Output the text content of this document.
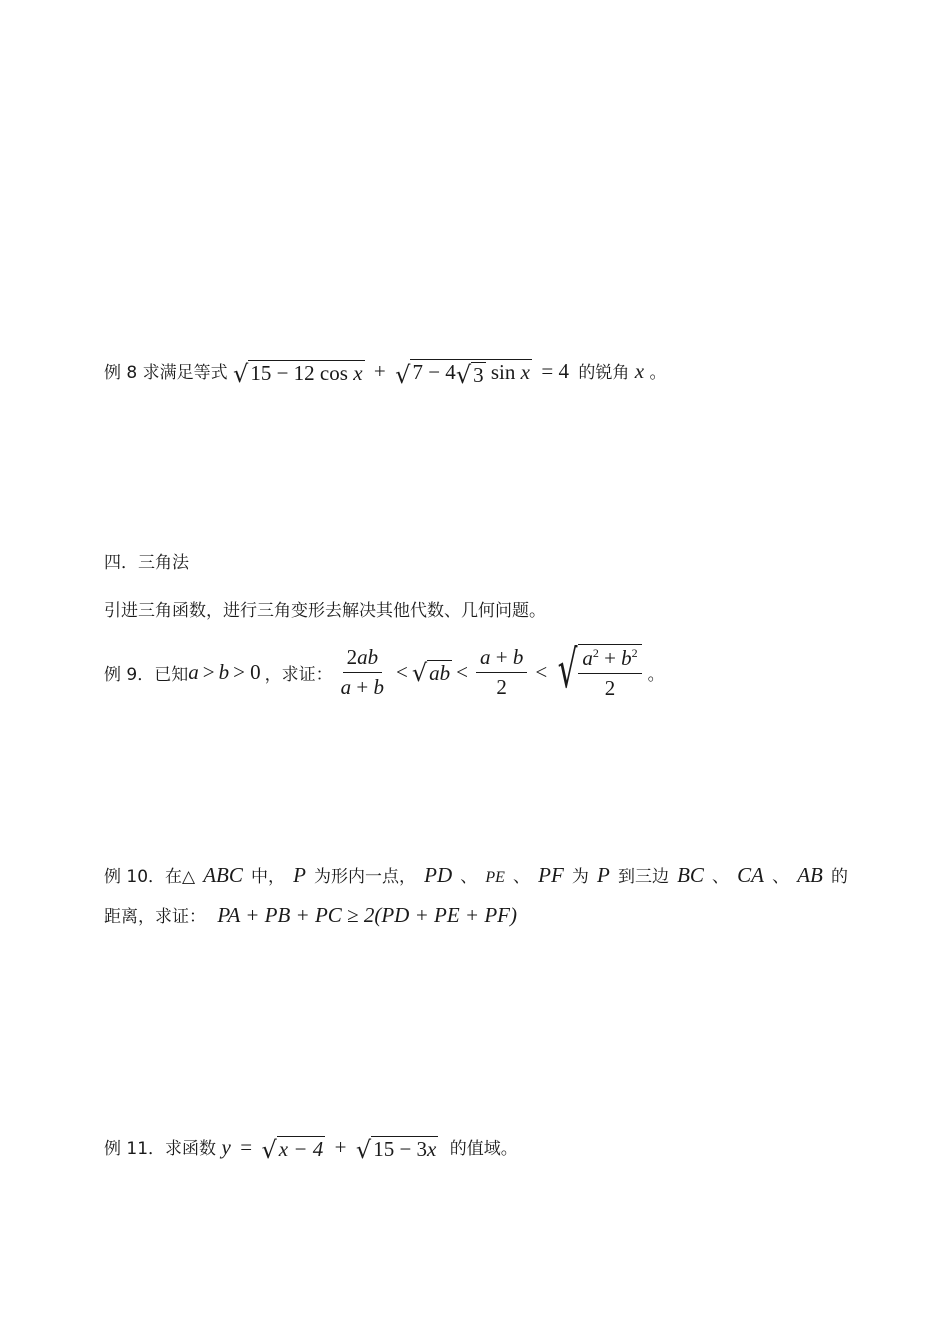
例 8 求满足等式 √ 15 − 12 cos x + √ 7 − 4 √ 3 sin x = 4 的锐角 x 。
四．三角法
引进三角函数，进行三角变形去解决其他代数、几何问题。
例 9．已知 a > b > 0 ，求证： $\frac{2ab}{a + b}$ < √ ab < $\frac{a + b}{2}$ < √ $\frac{a^2 + b^2}{2}$ 。
例 10．在△ ABC 中， P 为形内一点， PD 、 PE 、 PF 为 P 到三边 BC 、 CA 、 AB 的
距离，求证： PA + PB + PC ≥ 2(PD + PE + PF)
例 11．求函数 y = √ x − 4 + √ 15 − 3x 的值域。
